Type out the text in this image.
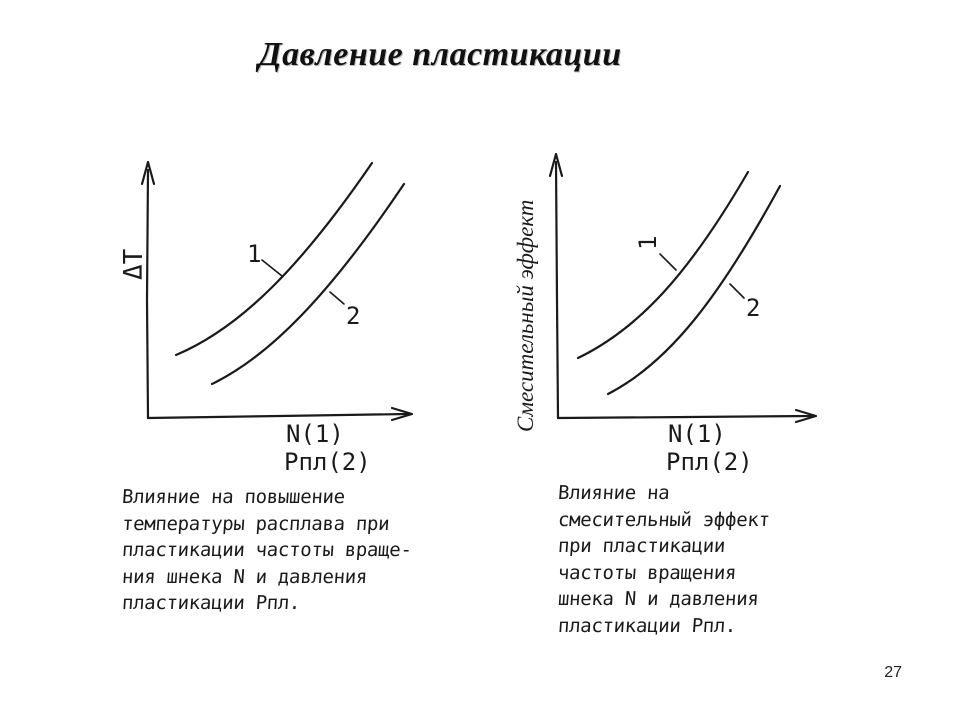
Давление пластикации
1
2
ΔT
N(1)
Pпл(2)
1
2
Смесительный эффект
N(1)
Pпл(2)
Влияние на повышение
температуры расплава при
пластикации частоты враще-
ния шнека N и давления
пластикации Pпл.
Влияние на
смесительный эффект
при пластикации
частоты вращения
шнека N и давления
пластикации Pпл.
27
